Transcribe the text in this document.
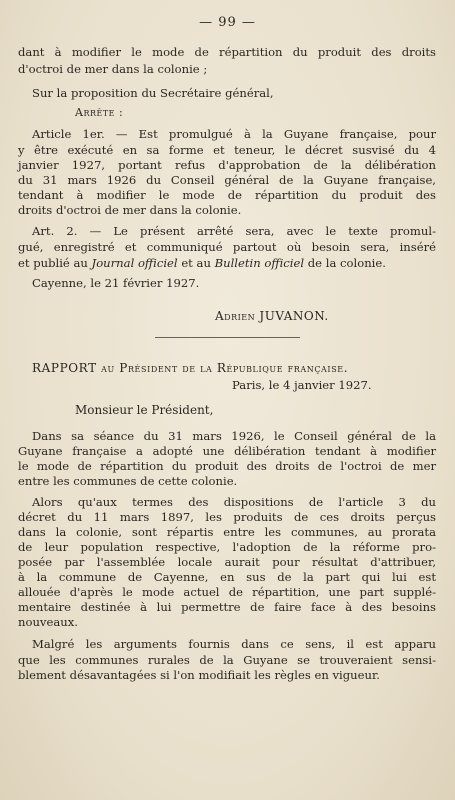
— 99 —
dant à modifier le mode de répartition du produit des droits
d'octroi de mer dans la colonie ;
Sur la proposition du Secrétaire général,
Arrête :
Article 1er. — Est promulgué à la Guyane française, pour
y être exécuté en sa forme et teneur, le décret susvisé du 4
janvier 1927, portant refus d'approbation de la délibération
du 31 mars 1926 du Conseil général de la Guyane française,
tendant à modifier le mode de répartition du produit des
droits d'octroi de mer dans la colonie.
Art. 2. — Le présent arrêté sera, avec le texte promul-
gué, enregistré et communiqué partout où besoin sera, inséré
et publié au Journal officiel et au Bulletin officiel de la colonie.
Cayenne, le 21 février 1927.
Adrien JUVANON.
RAPPORT au Président de la République française.
Paris, le 4 janvier 1927.
Monsieur le Président,
Dans sa séance du 31 mars 1926, le Conseil général de la
Guyane française a adopté une délibération tendant à modifier
le mode de répartition du produit des droits de l'octroi de mer
entre les communes de cette colonie.
Alors qu'aux termes des dispositions de l'article 3 du
décret du 11 mars 1897, les produits de ces droits perçus
dans la colonie, sont répartis entre les communes, au prorata
de leur population respective, l'adoption de la réforme pro-
posée par l'assemblée locale aurait pour résultat d'attribuer,
à la commune de Cayenne, en sus de la part qui lui est
allouée d'après le mode actuel de répartition, une part supplé-
mentaire destinée à lui permettre de faire face à des besoins
nouveaux.
Malgré les arguments fournis dans ce sens, il est apparu
que les communes rurales de la Guyane se trouveraient sensi-
blement désavantagées si l'on modifiait les règles en vigueur.
